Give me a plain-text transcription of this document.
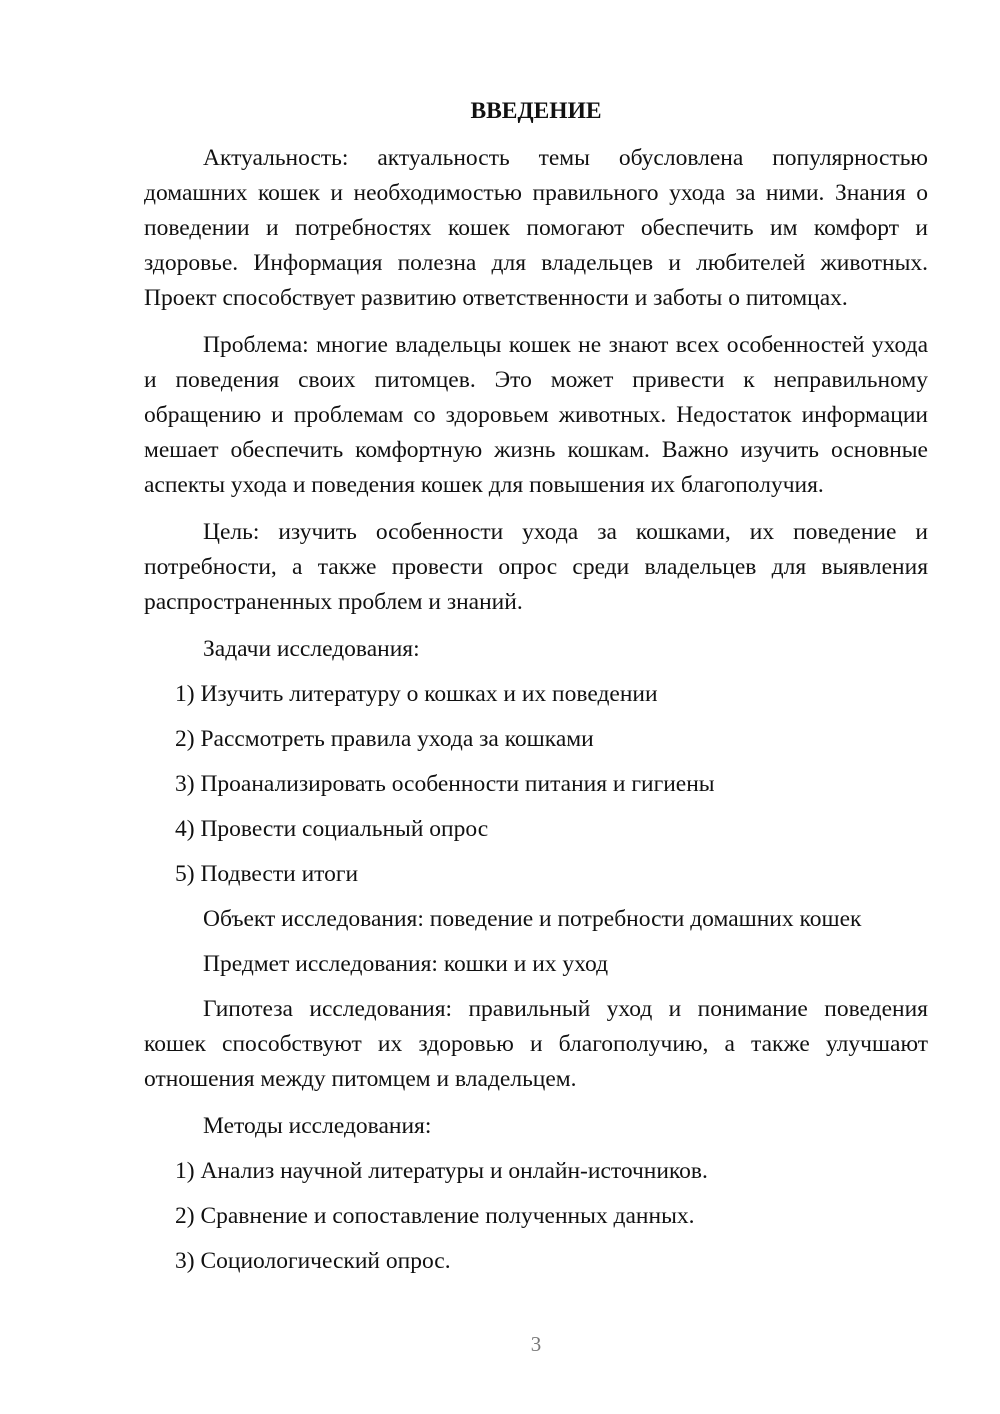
ВВЕДЕНИЕ

Актуальность: актуальность темы обусловлена популярностью домашних кошек и необходимостью правильного ухода за ними. Знания о поведении и потребностях кошек помогают обеспечить им комфорт и здоровье. Информация полезна для владельцев и любителей животных. Проект способствует развитию ответственности и заботы о питомцах.

Проблема: многие владельцы кошек не знают всех особенностей ухода и поведения своих питомцев. Это может привести к неправильному обращению и проблемам со здоровьем животных. Недостаток информации мешает обеспечить комфортную жизнь кошкам. Важно изучить основные аспекты ухода и поведения кошек для повышения их благополучия.

Цель: изучить особенности ухода за кошками, их поведение и потребности, а также провести опрос среди владельцев для выявления распространенных проблем и знаний.

Задачи исследования:

1) Изучить литературу о кошках и их поведении

2) Рассмотреть правила ухода за кошками

3) Проанализировать особенности питания и гигиены

4) Провести социальный опрос

5) Подвести итоги

Объект исследования: поведение и потребности домашних кошек

Предмет исследования: кошки и их уход

Гипотеза исследования: правильный уход и понимание поведения кошек способствуют их здоровью и благополучию, а также улучшают отношения между питомцем и владельцем.

Методы исследования:

1) Анализ научной литературы и онлайн-источников.

2) Сравнение и сопоставление полученных данных.

3) Социологический опрос.

3
